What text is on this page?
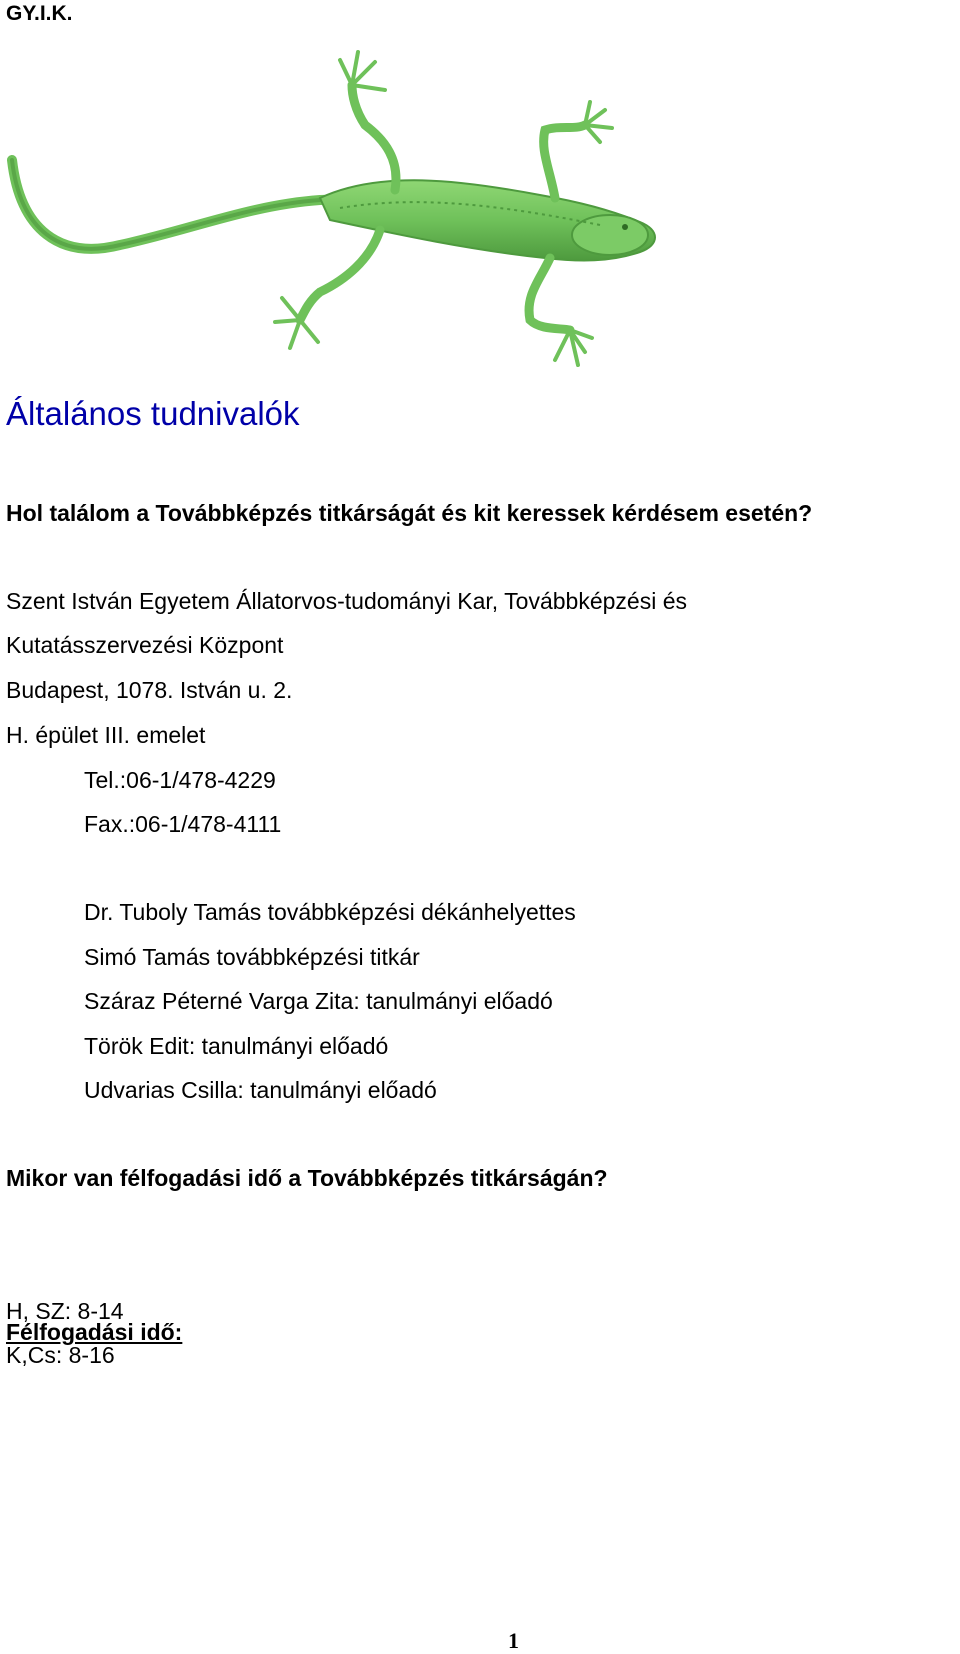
GY.I.K.
Általános tudnivalók
Hol találom a Továbbképzés titkárságát és kit keressek kérdésem esetén?
Szent István Egyetem Állatorvos-tudományi Kar, Továbbképzési és
Kutatásszervezési Központ
Budapest, 1078. István u. 2.
H. épület III. emelet
Tel.:06-1/478-4229
Fax.:06-1/478-4111
Dr. Tuboly Tamás továbbképzési dékánhelyettes
Simó Tamás továbbképzési titkár
Száraz Péterné Varga Zita: tanulmányi előadó
Török Edit: tanulmányi előadó
Udvarias Csilla: tanulmányi előadó
Mikor van félfogadási idő a Továbbképzés titkárságán?
Félfogadási idő:
H, SZ: 8-14
K,Cs: 8-16
1
